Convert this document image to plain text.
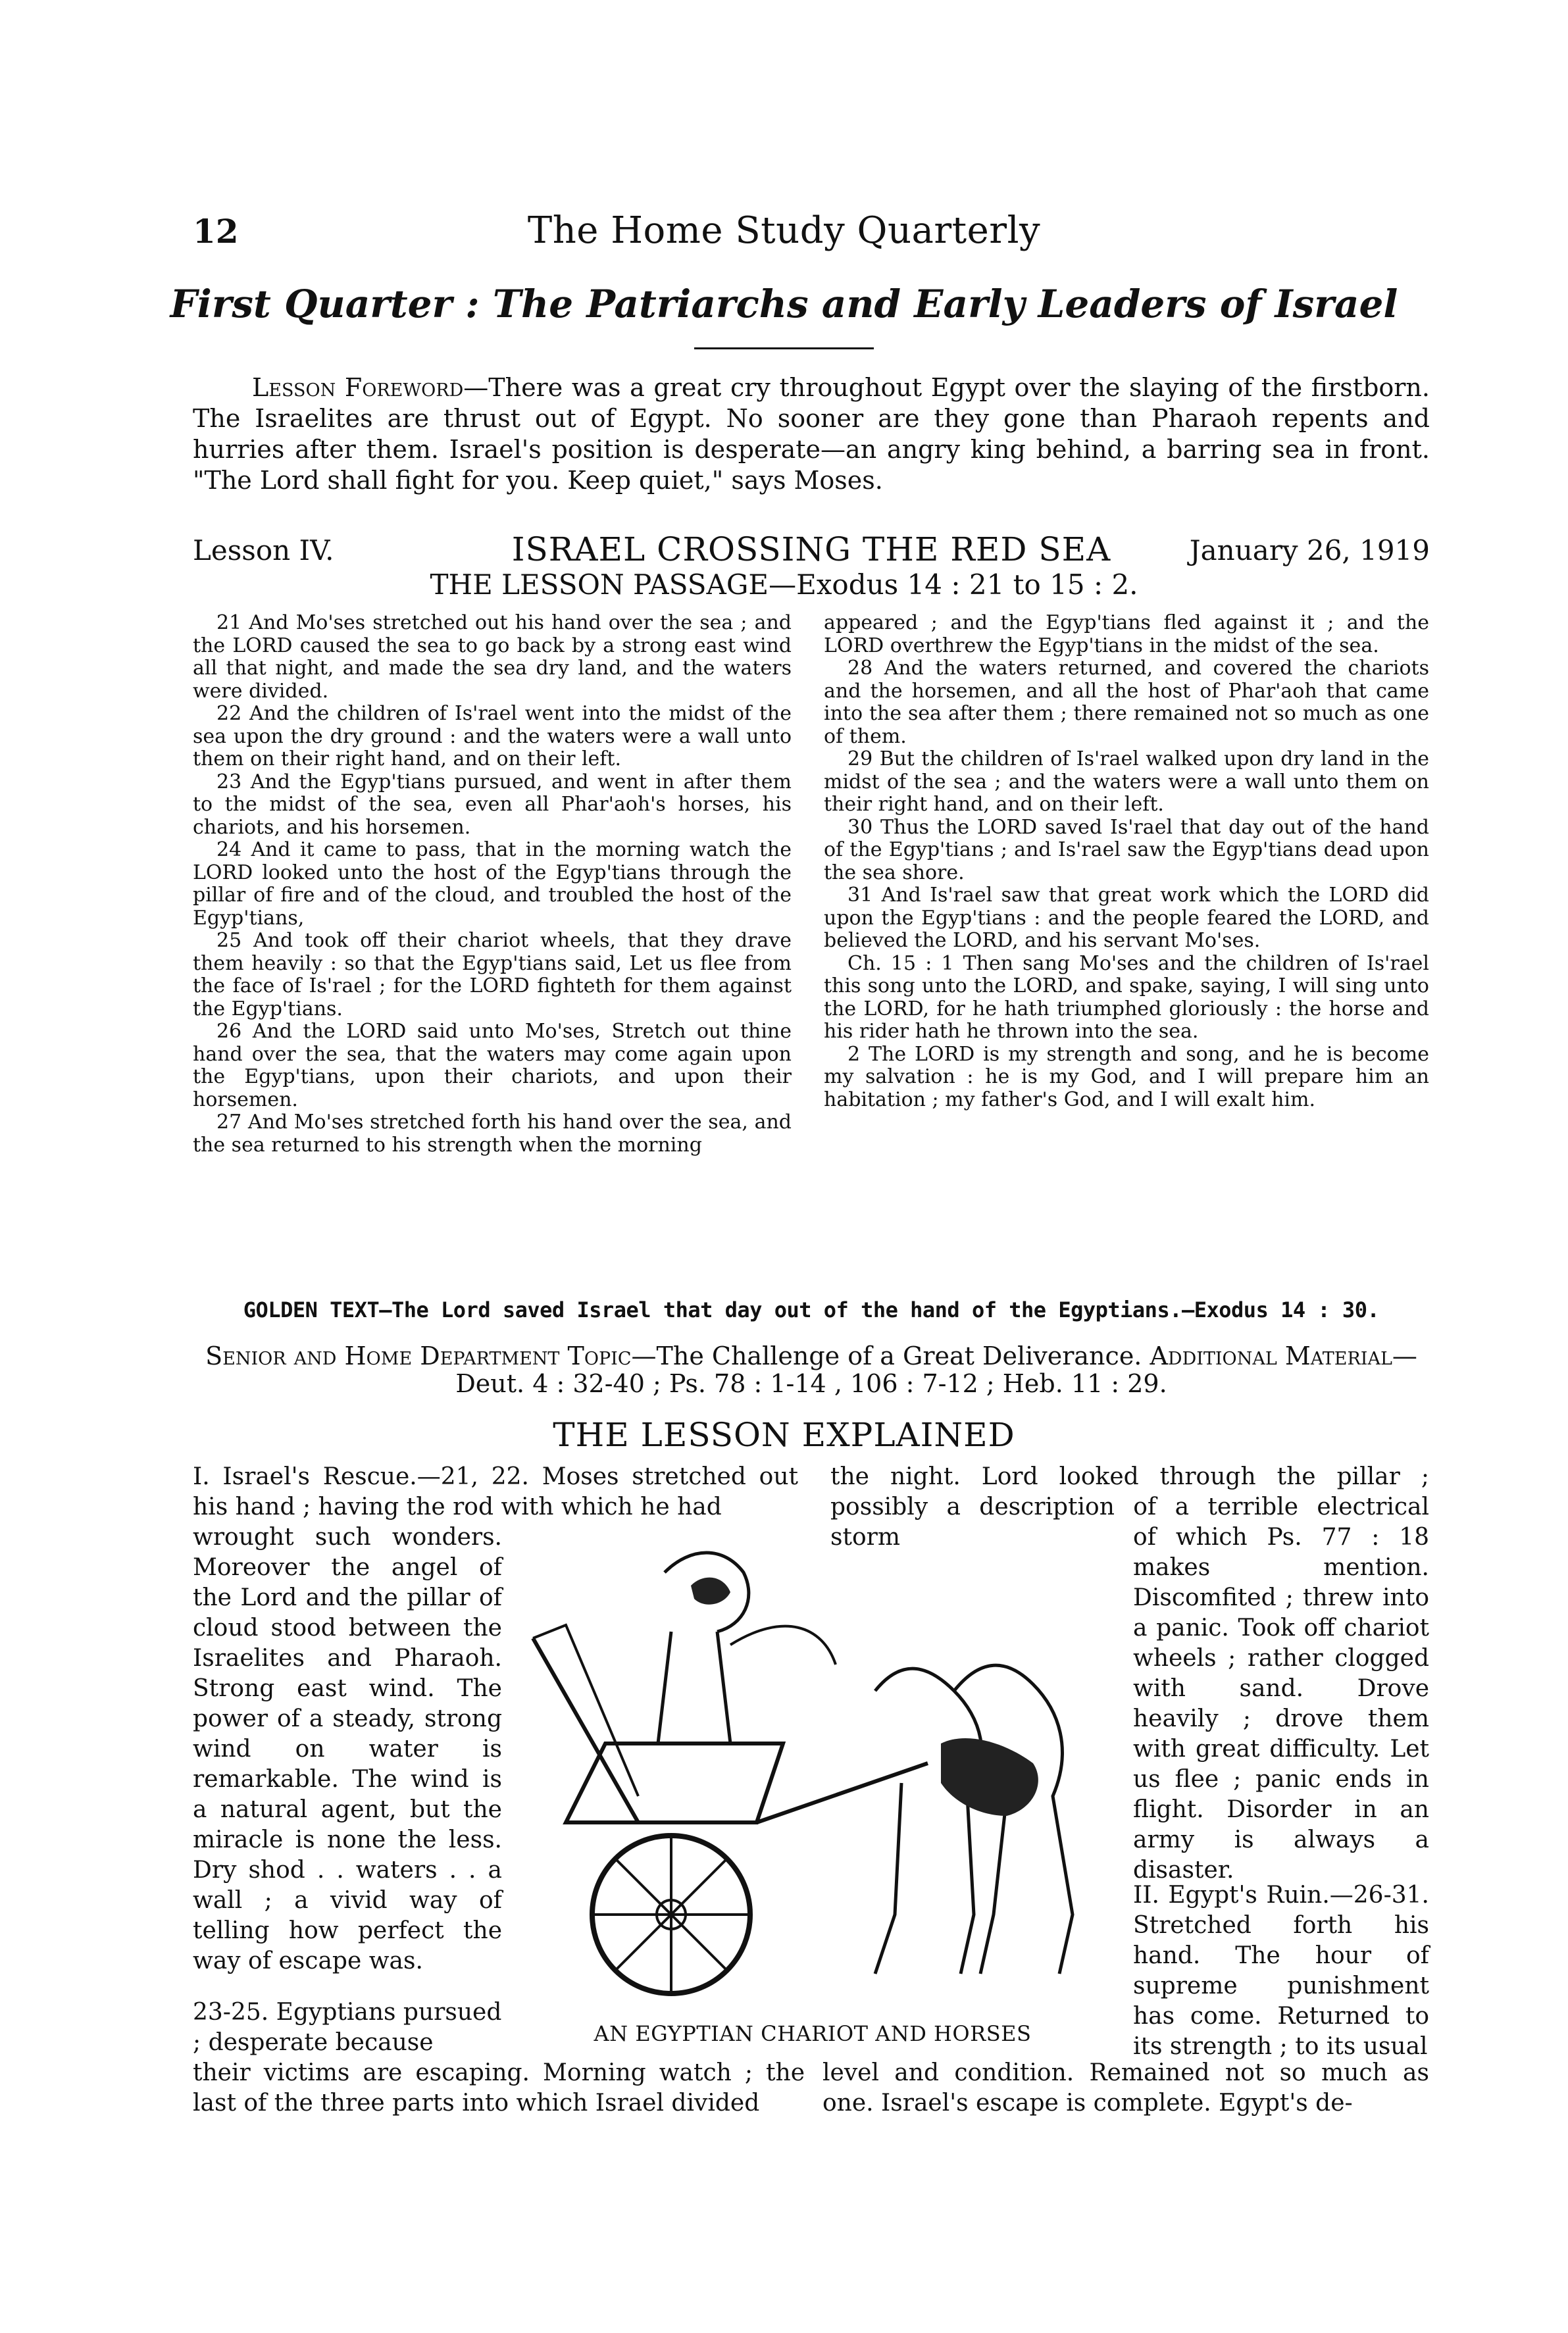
12	The Home Study Quarterly
First Quarter : The Patriarchs and Early Leaders of Israel
Lesson Foreword—There was a great cry throughout Egypt over the slaying of the firstborn. The Israelites are thrust out of Egypt. No sooner are they gone than Pharaoh repents and hurries after them. Israel's position is desperate—an angry king behind, a barring sea in front. "The Lord shall fight for you. Keep quiet," says Moses.
Lesson IV.	ISRAEL CROSSING THE RED SEA	January 26, 1919
THE LESSON PASSAGE—Exodus 14 : 21 to 15 : 2.

21 And Mo'ses stretched out his hand over the sea ; and the LORD caused the sea to go back by a strong east wind all that night, and made the sea dry land, and the waters were divided.

22 And the children of Is'rael went into the midst of the sea upon the dry ground : and the waters were a wall unto them on their right hand, and on their left.

23 And the Egyp'tians pursued, and went in after them to the midst of the sea, even all Phar'aoh's horses, his chariots, and his horsemen.

24 And it came to pass, that in the morning watch the LORD looked unto the host of the Egyp'tians through the pillar of fire and of the cloud, and troubled the host of the Egyp'tians,

25 And took off their chariot wheels, that they drave them heavily : so that the Egyp'tians said, Let us flee from the face of Is'rael ; for the LORD fighteth for them against the Egyp'tians.

26 And the LORD said unto Mo'ses, Stretch out thine hand over the sea, that the waters may come again upon the Egyp'tians, upon their chariots, and upon their horsemen.

27 And Mo'ses stretched forth his hand over the sea, and the sea returned to his strength when the morning

appeared ; and the Egyp'tians fled against it ; and the LORD overthrew the Egyp'tians in the midst of the sea.

28 And the waters returned, and covered the chariots and the horsemen, and all the host of Phar'aoh that came into the sea after them ; there remained not so much as one of them.

29 But the children of Is'rael walked upon dry land in the midst of the sea ; and the waters were a wall unto them on their right hand, and on their left.

30 Thus the LORD saved Is'rael that day out of the hand of the Egyp'tians ; and Is'rael saw the Egyp'tians dead upon the sea shore.

31 And Is'rael saw that great work which the LORD did upon the Egyp'tians : and the people feared the LORD, and believed the LORD, and his servant Mo'ses.

Ch. 15 : 1 Then sang Mo'ses and the children of Is'rael this song unto the LORD, and spake, saying, I will sing unto the LORD, for he hath triumphed gloriously : the horse and his rider hath he thrown into the sea.

2 The LORD is my strength and song, and he is become my salvation : he is my God, and I will prepare him an habitation ; my father's God, and I will exalt him.

GOLDEN TEXT—The Lord saved Israel that day out of the hand of the Egyptians.—Exodus 14 : 30.
Senior and Home Department Topic—The Challenge of a Great Deliverance. Additional Material—Deut. 4 : 32-40 ; Ps. 78 : 1-14 , 106 : 7-12 ; Heb. 11 : 29.
THE LESSON EXPLAINED
I. Israel's Rescue.—21, 22. Moses stretched out his hand ; having the rod with which he had
the night. Lord looked through the pillar ; possibly a description of a terrible electrical storm
wrought such wonders. Moreover the angel of the Lord and the pillar of cloud stood between the Israelites and Pharaoh. Strong east wind. The power of a steady, strong wind on water is remarkable. The wind is a natural agent, but the miracle is none the less. Dry shod . . waters . . a wall ; a vivid way of telling how perfect the way of escape was.
23-25. Egyptians pursued ; desperate because
of which Ps. 77 : 18 makes mention. Discomfited ; threw into a panic. Took off chariot wheels ; rather clogged with sand. Drove heavily ; drove them with great difficulty. Let us flee ; panic ends in flight. Disorder in an army is always a disaster.
II. Egypt's Ruin.—26-31. Stretched forth his hand. The hour of supreme punishment has come. Returned to its strength ; to its usual
their victims are escaping. Morning watch ; the last of the three parts into which Israel divided
level and condition. Remained not so much as one. Israel's escape is complete. Egypt's de-
AN EGYPTIAN CHARIOT AND HORSES
